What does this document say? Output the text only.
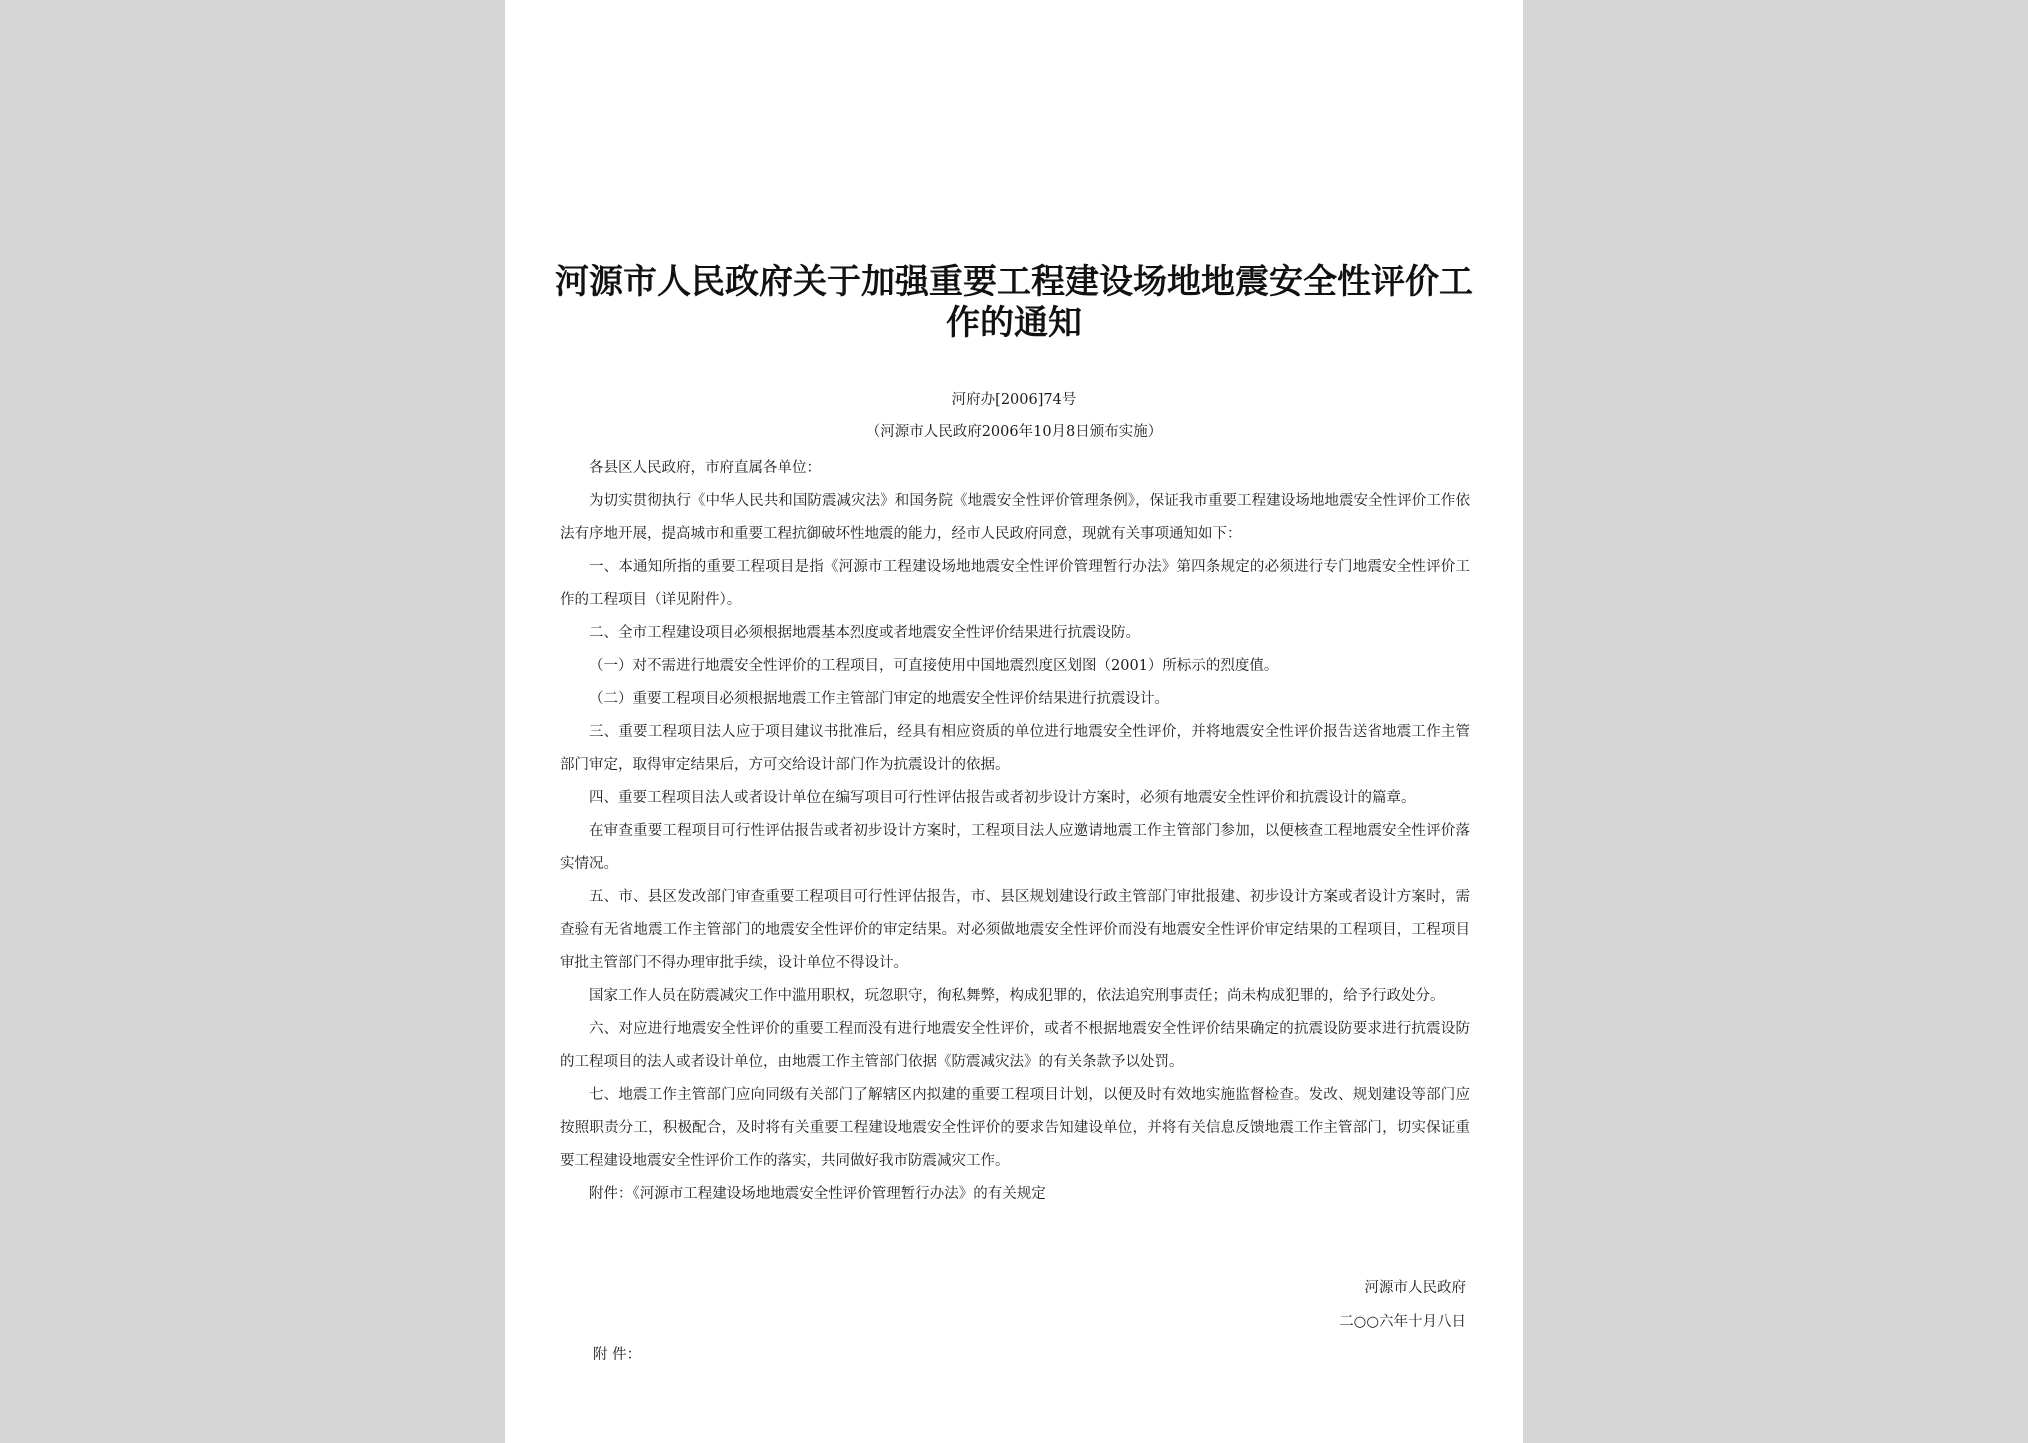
河源市人民政府关于加强重要工程建设场地地震安全性评价工作的通知
河府办[2006]74号
（河源市人民政府2006年10月8日颁布实施）

各县区人民政府，市府直属各单位：

为切实贯彻执行《中华人民共和国防震减灾法》和国务院《地震安全性评价管理条例》，保证我市重要工程建设场地地震安全性评价工作依法有序地开展，提高城市和重要工程抗御破坏性地震的能力，经市人民政府同意，现就有关事项通知如下：

一、本通知所指的重要工程项目是指《河源市工程建设场地地震安全性评价管理暂行办法》第四条规定的必须进行专门地震安全性评价工作的工程项目（详见附件）。

二、全市工程建设项目必须根据地震基本烈度或者地震安全性评价结果进行抗震设防。

（一）对不需进行地震安全性评价的工程项目，可直接使用中国地震烈度区划图（2001）所标示的烈度值。

（二）重要工程项目必须根据地震工作主管部门审定的地震安全性评价结果进行抗震设计。

三、重要工程项目法人应于项目建议书批准后，经具有相应资质的单位进行地震安全性评价，并将地震安全性评价报告送省地震工作主管部门审定，取得审定结果后，方可交给设计部门作为抗震设计的依据。

四、重要工程项目法人或者设计单位在编写项目可行性评估报告或者初步设计方案时，必须有地震安全性评价和抗震设计的篇章。

在审查重要工程项目可行性评估报告或者初步设计方案时，工程项目法人应邀请地震工作主管部门参加，以便核查工程地震安全性评价落实情况。

五、市、县区发改部门审查重要工程项目可行性评估报告，市、县区规划建设行政主管部门审批报建、初步设计方案或者设计方案时，需查验有无省地震工作主管部门的地震安全性评价的审定结果。对必须做地震安全性评价而没有地震安全性评价审定结果的工程项目，工程项目审批主管部门不得办理审批手续，设计单位不得设计。

国家工作人员在防震减灾工作中滥用职权，玩忽职守，徇私舞弊，构成犯罪的，依法追究刑事责任；尚未构成犯罪的，给予行政处分。

六、对应进行地震安全性评价的重要工程而没有进行地震安全性评价，或者不根据地震安全性评价结果确定的抗震设防要求进行抗震设防的工程项目的法人或者设计单位，由地震工作主管部门依据《防震减灾法》的有关条款予以处罚。

七、地震工作主管部门应向同级有关部门了解辖区内拟建的重要工程项目计划，以便及时有效地实施监督检查。发改、规划建设等部门应按照职责分工，积极配合，及时将有关重要工程建设地震安全性评价的要求告知建设单位，并将有关信息反馈地震工作主管部门，切实保证重要工程建设地震安全性评价工作的落实，共同做好我市防震减灾工作。

附件：《河源市工程建设场地地震安全性评价管理暂行办法》的有关规定

河源市人民政府
二○○六年十月八日
附 件：
